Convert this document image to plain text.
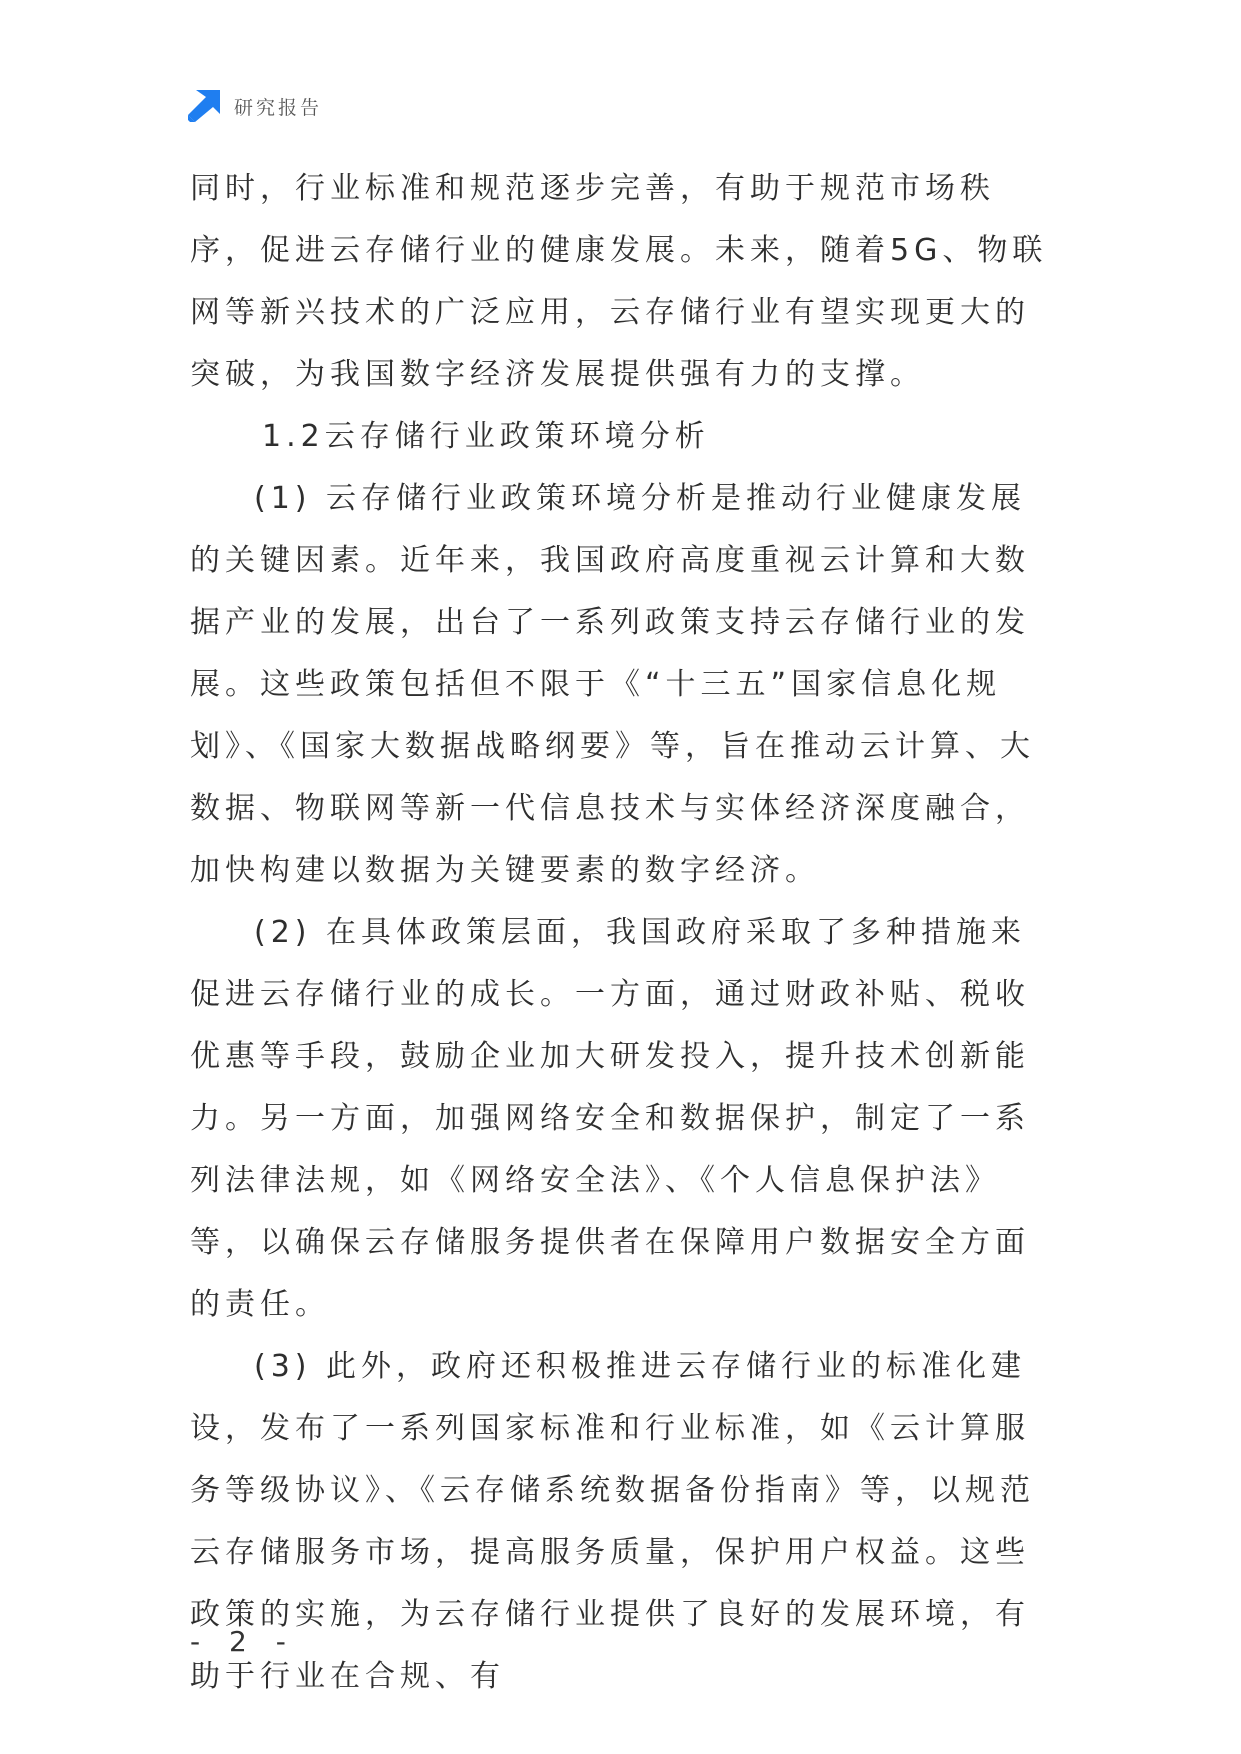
研究报告

同时，行业标准和规范逐步完善，有助于规范市场秩序，促进云存储行业的健康发展。未来，随着5G、物联网等新兴技术的广泛应用，云存储行业有望实现更大的突破，为我国数字经济发展提供强有力的支撑。

1.2云存储行业政策环境分析

(1) 云存储行业政策环境分析是推动行业健康发展的关键因素。近年来，我国政府高度重视云计算和大数据产业的发展，出台了一系列政策支持云存储行业的发展。这些政策包括但不限于《“十三五”国家信息化规划》、《国家大数据战略纲要》等，旨在推动云计算、大数据、物联网等新一代信息技术与实体经济深度融合，加快构建以数据为关键要素的数字经济。

(2) 在具体政策层面，我国政府采取了多种措施来促进云存储行业的成长。一方面，通过财政补贴、税收优惠等手段，鼓励企业加大研发投入，提升技术创新能力。另一方面，加强网络安全和数据保护，制定了一系列法律法规，如《网络安全法》、《个人信息保护法》等，以确保云存储服务提供者在保障用户数据安全方面的责任。

(3) 此外，政府还积极推进云存储行业的标准化建设，发布了一系列国家标准和行业标准，如《云计算服务等级协议》、《云存储系统数据备份指南》等，以规范云存储服务市场，提高服务质量，保护用户权益。这些政策的实施，为云存储行业提供了良好的发展环境，有助于行业在合规、有

- 2 -
